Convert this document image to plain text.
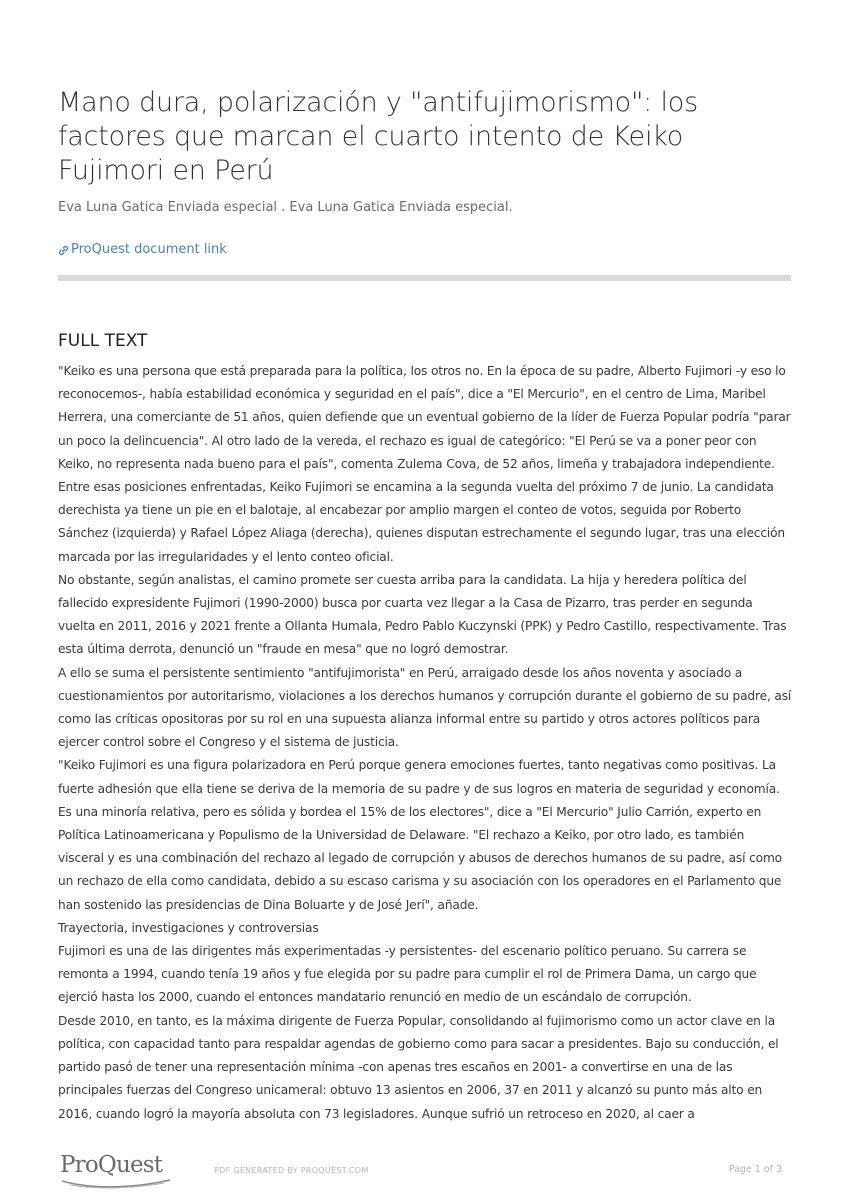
Mano dura, polarización y "antifujimorismo": los factores que marcan el cuarto intento de Keiko Fujimori en Perú
Eva Luna Gatica Enviada especial . Eva Luna Gatica Enviada especial.
ProQuest document link
FULL TEXT

"Keiko es una persona que está preparada para la política, los otros no. En la época de su padre, Alberto Fujimori -y eso lo reconocemos-, había estabilidad económica y seguridad en el país", dice a "El Mercurio", en el centro de Lima, Maribel Herrera, una comerciante de 51 años, quien defiende que un eventual gobierno de la líder de Fuerza Popular podría "parar un poco la delincuencia". Al otro lado de la vereda, el rechazo es igual de categórico: "El Perú se va a poner peor con Keiko, no representa nada bueno para el país", comenta Zulema Cova, de 52 años, limeña y trabajadora independiente.

Entre esas posiciones enfrentadas, Keiko Fujimori se encamina a la segunda vuelta del próximo 7 de junio. La candidata derechista ya tiene un pie en el balotaje, al encabezar por amplio margen el conteo de votos, seguida por Roberto Sánchez (izquierda) y Rafael López Aliaga (derecha), quienes disputan estrechamente el segundo lugar, tras una elección marcada por las irregularidades y el lento conteo oficial.

No obstante, según analistas, el camino promete ser cuesta arriba para la candidata. La hija y heredera política del fallecido expresidente Fujimori (1990-2000) busca por cuarta vez llegar a la Casa de Pizarro, tras perder en segunda vuelta en 2011, 2016 y 2021 frente a Ollanta Humala, Pedro Pablo Kuczynski (PPK) y Pedro Castillo, respectivamente. Tras esta última derrota, denunció un "fraude en mesa" que no logró demostrar.

A ello se suma el persistente sentimiento "antifujimorista" en Perú, arraigado desde los años noventa y asociado a cuestionamientos por autoritarismo, violaciones a los derechos humanos y corrupción durante el gobierno de su padre, así como las críticas opositoras por su rol en una supuesta alianza informal entre su partido y otros actores políticos para ejercer control sobre el Congreso y el sistema de justicia.

"Keiko Fujimori es una figura polarizadora en Perú porque genera emociones fuertes, tanto negativas como positivas. La fuerte adhesión que ella tiene se deriva de la memoria de su padre y de sus logros en materia de seguridad y economía. Es una minoría relativa, pero es sólida y bordea el 15% de los electores", dice a "El Mercurio" Julio Carrión, experto en Política Latinoamericana y Populismo de la Universidad de Delaware. "El rechazo a Keiko, por otro lado, es también visceral y es una combinación del rechazo al legado de corrupción y abusos de derechos humanos de su padre, así como un rechazo de ella como candidata, debido a su escaso carisma y su asociación con los operadores en el Parlamento que han sostenido las presidencias de Dina Boluarte y de José Jerí", añade.

Trayectoria, investigaciones y controversias

Fujimori es una de las dirigentes más experimentadas -y persistentes- del escenario político peruano. Su carrera se remonta a 1994, cuando tenía 19 años y fue elegida por su padre para cumplir el rol de Primera Dama, un cargo que ejerció hasta los 2000, cuando el entonces mandatario renunció en medio de un escándalo de corrupción.

Desde 2010, en tanto, es la máxima dirigente de Fuerza Popular, consolidando al fujimorismo como un actor clave en la política, con capacidad tanto para respaldar agendas de gobierno como para sacar a presidentes. Bajo su conducción, el partido pasó de tener una representación mínima -con apenas tres escaños en 2001- a convertirse en una de las principales fuerzas del Congreso unicameral: obtuvo 13 asientos en 2006, 37 en 2011 y alcanzó su punto más alto en 2016, cuando logró la mayoría absoluta con 73 legisladores. Aunque sufrió un retroceso en 2020, al caer a

ProQuest	PDF GENERATED BY PROQUEST.COM	Page 1 of 3
